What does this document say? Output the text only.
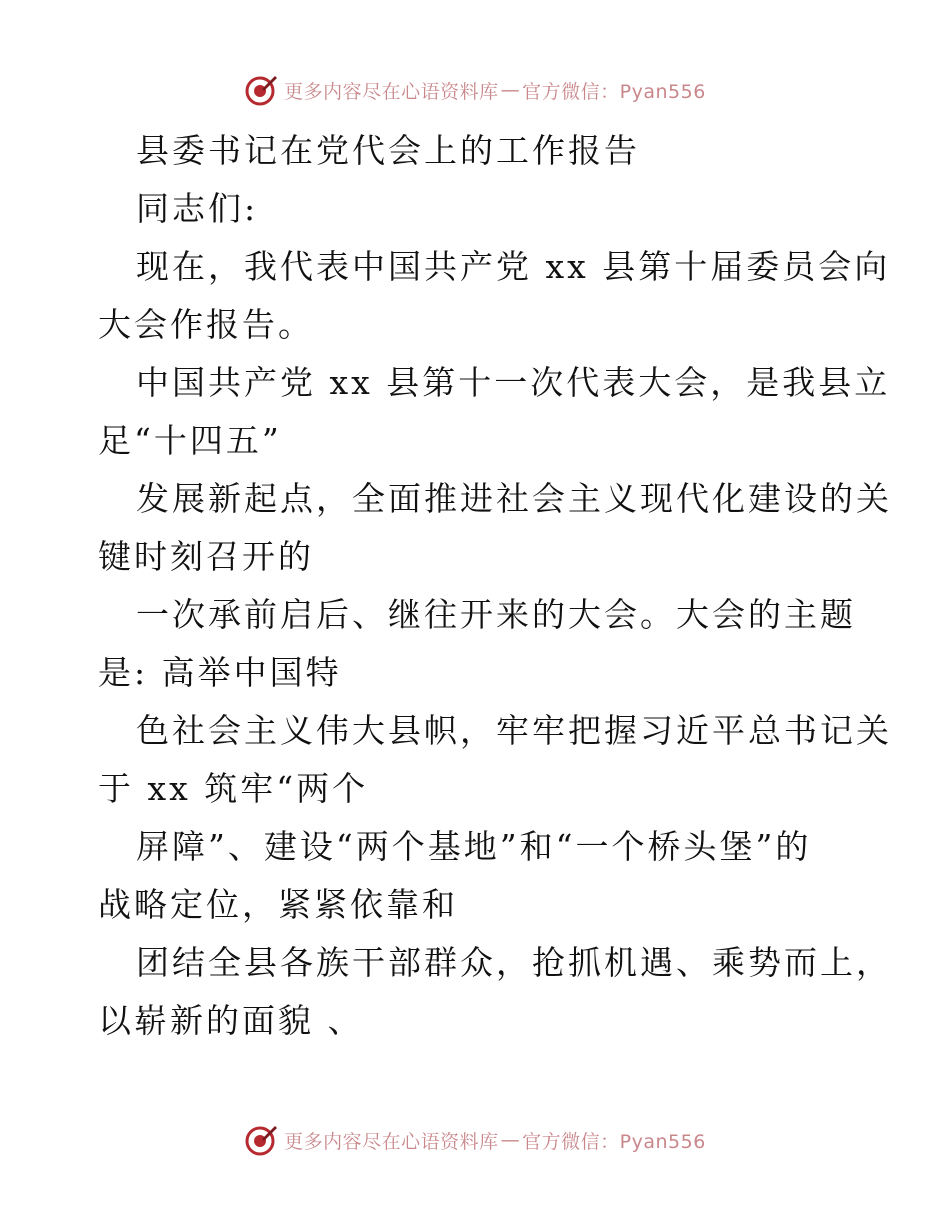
更多内容尽在心语资料库 — 官方微信：Pyan556

县委书记在党代会上的工作报告

同志们:

现在，我代表中国共产党 xx 县第十届委员会向
大会作报告。
中国共产党 xx 县第十一次代表大会，是我县立
足“十四五”
发展新起点，全面推进社会主义现代化建设的关
键时刻召开的
一次承前启后、继往开来的大会。大会的主题
是: 高举中国特
色社会主义伟大县帜，牢牢把握习近平总书记关
于 xx 筑牢“两个
屏障”、建设“两个基地”和“一个桥头堡”的
战略定位，紧紧依靠和
团结全县各族干部群众，抢抓机遇、乘势而上，
以崭新的面貌 、
更多内容尽在心语资料库 — 官方微信：Pyan556
